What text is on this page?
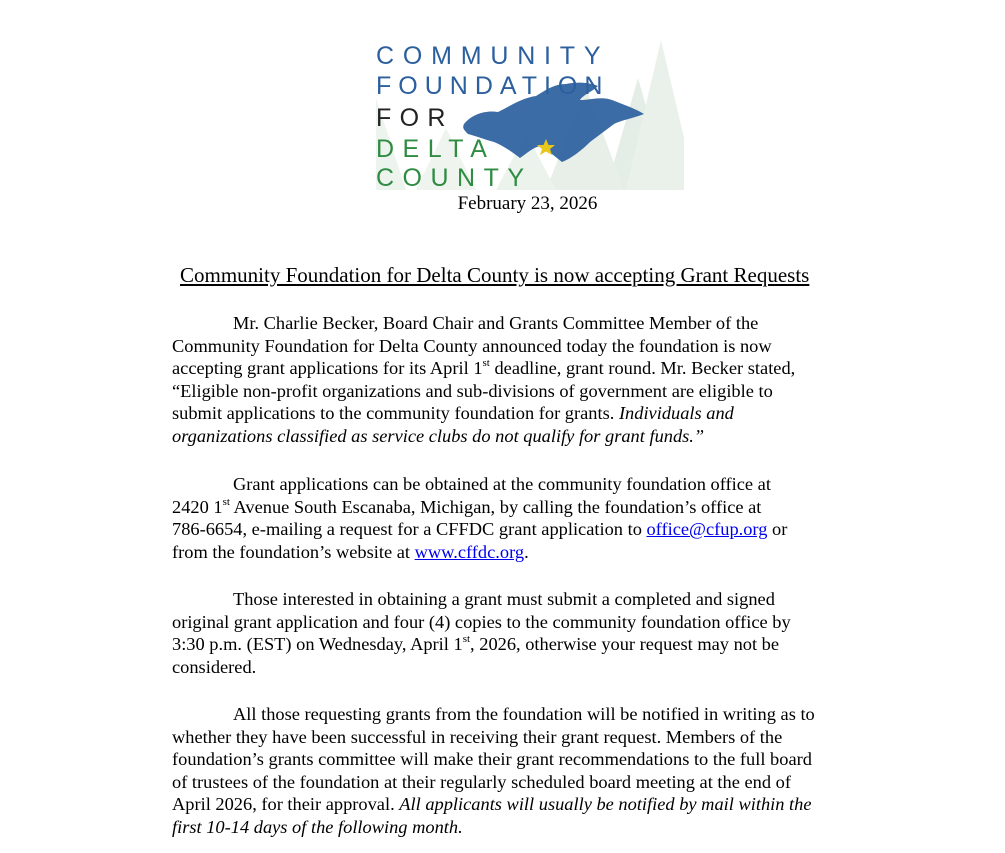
COMMUNITY
FOUNDATION
FOR
DELTA
COUNTY
February 23, 2026
Community Foundation for Delta County is now accepting Grant Requests
Mr. Charlie Becker, Board Chair and Grants Committee Member of the
Community Foundation for Delta County announced today the foundation is now
accepting grant applications for its April 1st deadline, grant round. Mr. Becker stated,
“Eligible non-profit organizations and sub-divisions of government are eligible to
submit applications to the community foundation for grants. Individuals and
organizations classified as service clubs do not qualify for grant funds.”
Grant applications can be obtained at the community foundation office at
2420 1st Avenue South Escanaba, Michigan, by calling the foundation’s office at
786-6654, e-mailing a request for a CFFDC grant application to office@cfup.org or
from the foundation’s website at www.cffdc.org.
Those interested in obtaining a grant must submit a completed and signed
original grant application and four (4) copies to the community foundation office by
3:30 p.m. (EST) on Wednesday, April 1st, 2026, otherwise your request may not be
considered.
All those requesting grants from the foundation will be notified in writing as to
whether they have been successful in receiving their grant request. Members of the
foundation’s grants committee will make their grant recommendations to the full board
of trustees of the foundation at their regularly scheduled board meeting at the end of
April 2026, for their approval. All applicants will usually be notified by mail within the
first 10-14 days of the following month.
